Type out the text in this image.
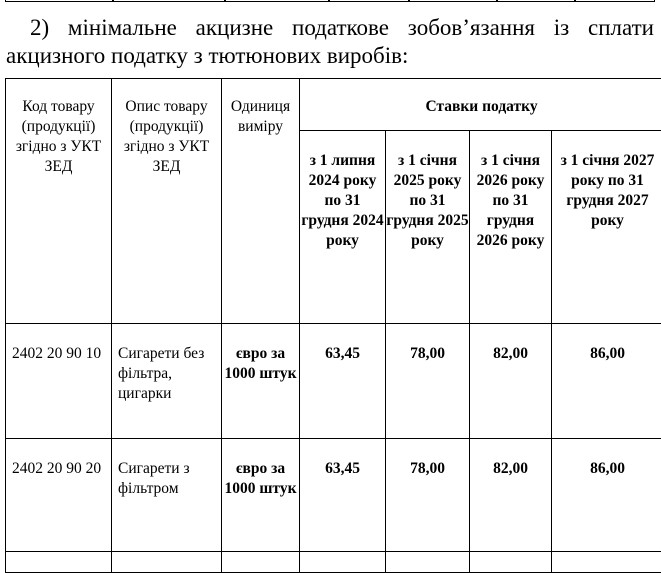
2) мінімальне акцизне податкове зобов’язання із сплати
акцизного податку з тютюнових виробів:
Код товару (продукції) згідно з УКТ ЗЕД	Опис товару (продукції) згідно з УКТ ЗЕД	Одиниця виміру	Ставки податку			
			з 1 липня 2024 року по 31 грудня 2024 року	з 1 січня 2025 року по 31 грудня 2025 року	з 1 січня 2026 року по 31 грудня 2026 року	з 1 січня 2027 року по 31 грудня 2027 року
2402 20 90 10	Сигарети без фільтра, цигарки	євро за 1000 штук	63,45	78,00	82,00	86,00
2402 20 90 20	Сигарети з фільтром	євро за 1000 штук	63,45	78,00	82,00	86,00
